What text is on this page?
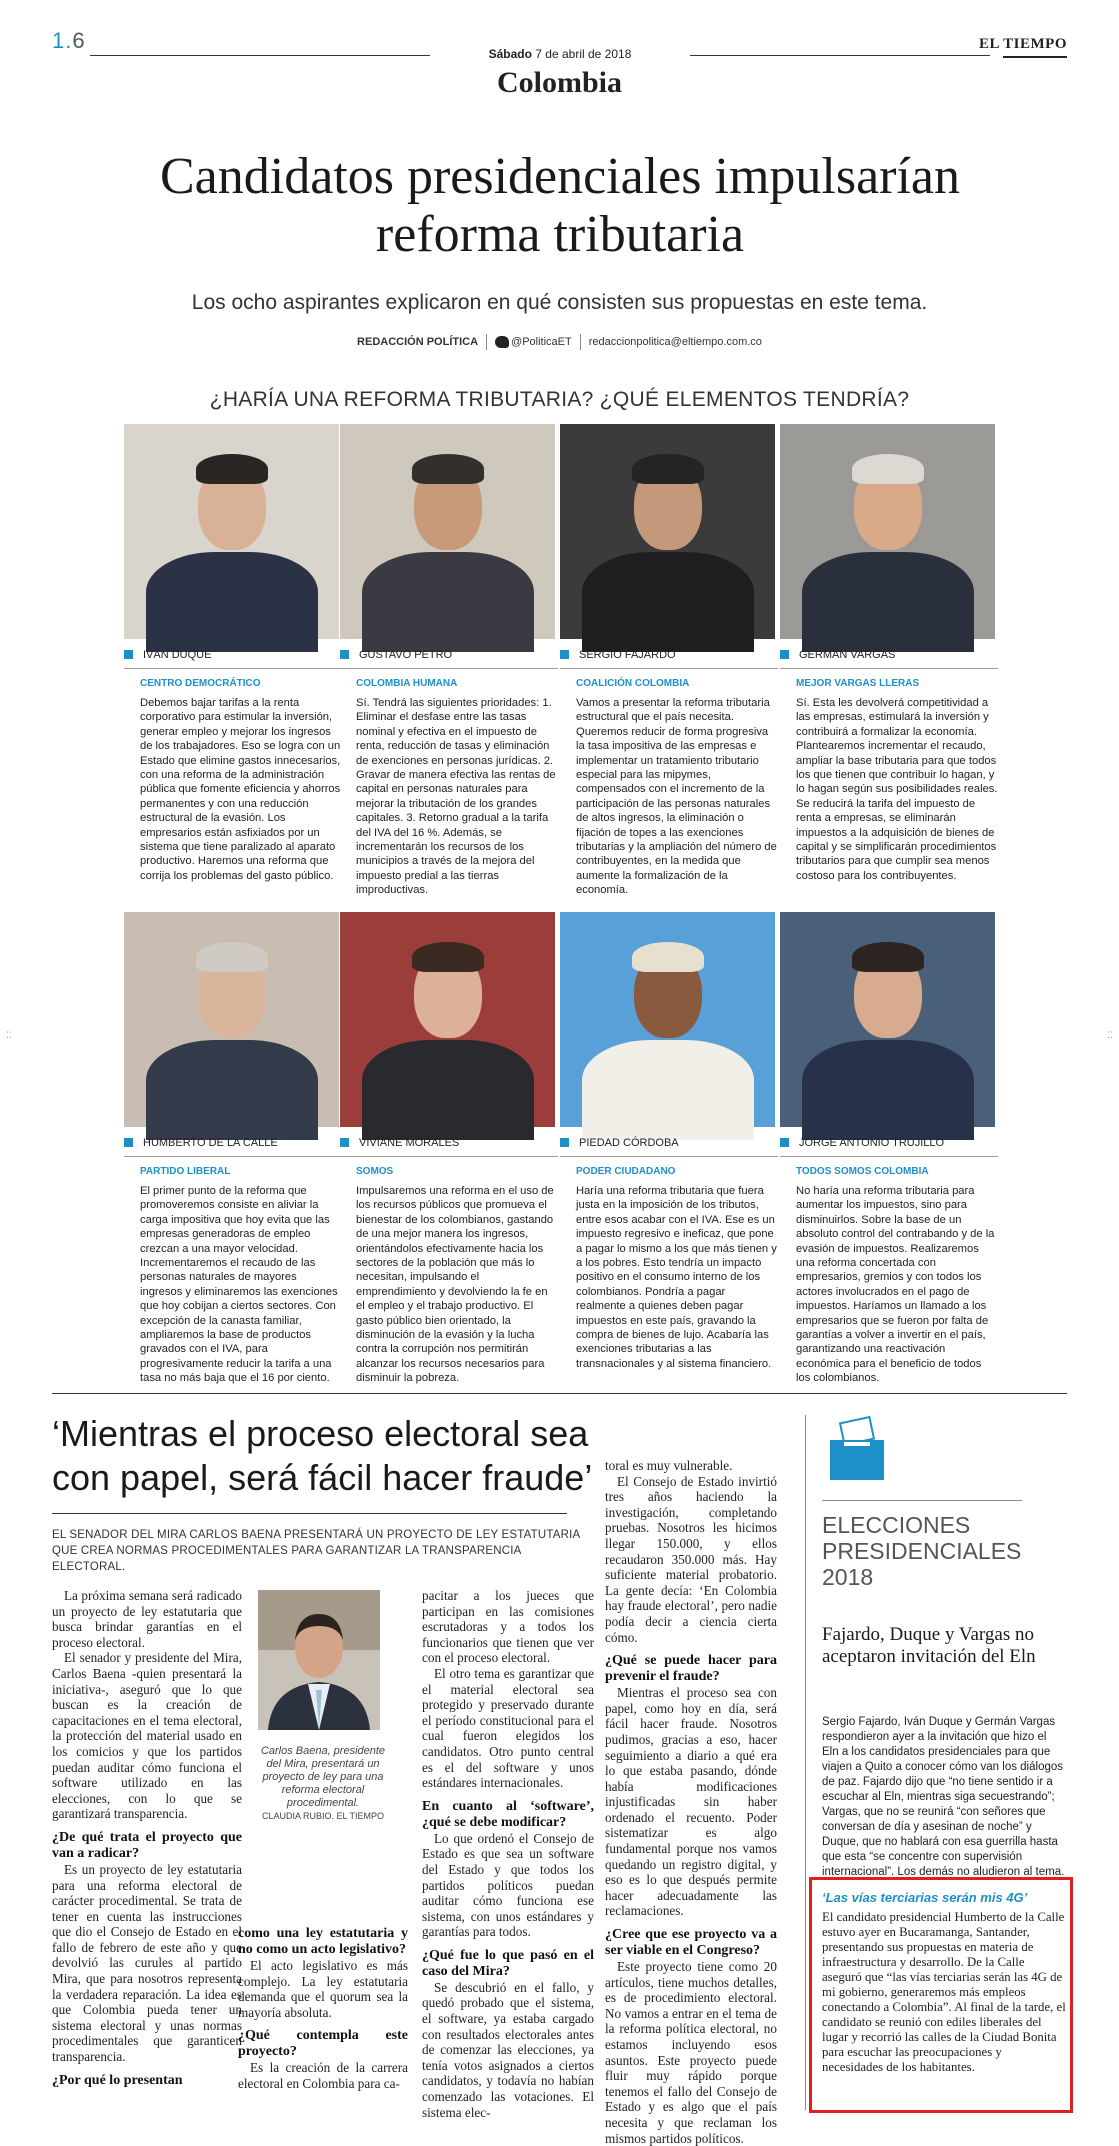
1.6
Sábado 7 de abril de 2018
EL TIEMPO
Colombia
Candidatos presidenciales impulsarían reforma tributaria
Los ocho aspirantes explicaron en qué consisten sus propuestas en este tema.
REDACCIÓN POLÍTICA	@PoliticaET redaccionpolitica@eltiempo.com.co
¿HARÍA UNA REFORMA TRIBUTARIA? ¿QUÉ ELEMENTOS TENDRÍA?
IVÁN DUQUE
CENTRO DEMOCRÁTICO
Debemos bajar tarifas a la renta corporativo para estimular la inversión, generar empleo y mejorar los ingresos de los trabajadores. Eso se logra con un Estado que elimine gastos innecesarios, con una reforma de la administración pública que fomente eficiencia y ahorros permanentes y con una reducción estructural de la evasión. Los empresarios están asfixiados por un sistema que tiene paralizado al aparato productivo. Haremos una reforma que corrija los problemas del gasto público.
GUSTAVO PETRO
COLOMBIA HUMANA
Sí. Tendrá las siguientes prioridades: 1. Eliminar el desfase entre las tasas nominal y efectiva en el impuesto de renta, reducción de tasas y eliminación de exenciones en personas jurídicas. 2. Gravar de manera efectiva las rentas de capital en personas naturales para mejorar la tributación de los grandes capitales. 3. Retorno gradual a la tarifa del IVA del 16 %. Además, se incrementarán los recursos de los municipios a través de la mejora del impuesto predial a las tierras improductivas.
SERGIO FAJARDO
COALICIÓN COLOMBIA
Vamos a presentar la reforma tributaria estructural que el país necesita. Queremos reducir de forma progresiva la tasa impositiva de las empresas e implementar un tratamiento tributario especial para las mipymes, compensados con el incremento de la participación de las personas naturales de altos ingresos, la eliminación o fijación de topes a las exenciones tributarias y la ampliación del número de contribuyentes, en la medida que aumente la formalización de la economía.
GERMÁN VARGAS
MEJOR VARGAS LLERAS
Sí. Esta les devolverá competitividad a las empresas, estimulará la inversión y contribuirá a formalizar la economía. Plantearemos incrementar el recaudo, ampliar la base tributaria para que todos los que tienen que contribuir lo hagan, y lo hagan según sus posibilidades reales. Se reducirá la tarifa del impuesto de renta a empresas, se eliminarán impuestos a la adquisición de bienes de capital y se simplificarán procedimientos tributarios para que cumplir sea menos costoso para los contribuyentes.
HUMBERTO DE LA CALLE
PARTIDO LIBERAL
El primer punto de la reforma que promoveremos consiste en aliviar la carga impositiva que hoy evita que las empresas generadoras de empleo crezcan a una mayor velocidad. Incrementaremos el recaudo de las personas naturales de mayores ingresos y eliminaremos las exenciones que hoy cobijan a ciertos sectores. Con excepción de la canasta familiar, ampliaremos la base de productos gravados con el IVA, para progresivamente reducir la tarifa a una tasa no más baja que el 16 por ciento.
VIVIANE MORALES
SOMOS
Impulsaremos una reforma en el uso de los recursos públicos que promueva el bienestar de los colombianos, gastando de una mejor manera los ingresos, orientándolos efectivamente hacia los sectores de la población que más lo necesitan, impulsando el emprendimiento y devolviendo la fe en el empleo y el trabajo productivo. El gasto público bien orientado, la disminución de la evasión y la lucha contra la corrupción nos permitirán alcanzar los recursos necesarios para disminuir la pobreza.
PIEDAD CÓRDOBA
PODER CIUDADANO
Haría una reforma tributaria que fuera justa en la imposición de los tributos, entre esos acabar con el IVA. Ese es un impuesto regresivo e ineficaz, que pone a pagar lo mismo a los que más tienen y a los pobres. Esto tendría un impacto positivo en el consumo interno de los colombianos. Pondría a pagar realmente a quienes deben pagar impuestos en este país, gravando la compra de bienes de lujo. Acabaría las exenciones tributarias a las transnacionales y al sistema financiero.
JORGE ANTONIO TRUJILLO
TODOS SOMOS COLOMBIA
No haría una reforma tributaria para aumentar los impuestos, sino para disminuirlos. Sobre la base de un absoluto control del contrabando y de la evasión de impuestos. Realizaremos una reforma concertada con empresarios, gremios y con todos los actores involucrados en el pago de impuestos. Haríamos un llamado a los empresarios que se fueron por falta de garantías a volver a invertir en el país, garantizando una reactivación económica para el beneficio de todos los colombianos.
‘Mientras el proceso electoral sea con papel, será fácil hacer fraude’
EL SENADOR DEL MIRA CARLOS BAENA PRESENTARÁ UN PROYECTO DE LEY ESTATUTARIA QUE CREA NORMAS PROCEDIMENTALES PARA GARANTIZAR LA TRANSPARENCIA ELECTORAL.

La próxima semana será radicado un proyecto de ley estatutaria que busca brindar garantías en el proceso electoral.

El senador y presidente del Mira, Carlos Baena -quien presentará la iniciativa-, aseguró que lo que buscan es la creación de capacitaciones en el tema electoral, la protección del material usado en los comicios y que los partidos puedan auditar cómo funciona el software utilizado en las elecciones, con lo que se garantizará transparencia.

¿De qué trata el proyecto que van a radicar?

Es un proyecto de ley estatutaria para una reforma electoral de carácter procedimental. Se trata de tener en cuenta las instrucciones que dio el Consejo de Estado en el fallo de febrero de este año y que devolvió las curules al partido Mira, que para nosotros representa la verdadera reparación. La idea es que Colombia pueda tener un sistema electoral y unas normas procedimentales que garanticen transparencia.

¿Por qué lo presentan
Carlos Baena, presidente del Mira, presentará un proyecto de ley para una reforma electoral procedimental.
CLAUDIA RUBIO. EL TIEMPO
como una ley estatutaria y no como un acto legislativo?

El acto legislativo es más complejo. La ley estatutaria demanda que el quorum sea la mayoría absoluta.

¿Qué contempla este proyecto?

Es la creación de la carrera electoral en Colombia para ca-

pacitar a los jueces que participan en las comisiones escrutadoras y a todos los funcionarios que tienen que ver con el proceso electoral.

El otro tema es garantizar que el material electoral sea protegido y preservado durante el período constitucional para el cual fueron elegidos los candidatos. Otro punto central es el del software y unos estándares internacionales.

En cuanto al ‘software’, ¿qué se debe modificar?

Lo que ordenó el Consejo de Estado es que sea un software del Estado y que todos los partidos políticos puedan auditar cómo funciona ese sistema, con unos estándares y garantías para todos.

¿Qué fue lo que pasó en el caso del Mira?

Se descubrió en el fallo, y quedó probado que el sistema, el software, ya estaba cargado con resultados electorales antes de comenzar las elecciones, ya tenía votos asignados a ciertos candidatos, y todavía no habían comenzado las votaciones. El sistema elec-

toral es muy vulnerable.

El Consejo de Estado invirtió tres años haciendo la investigación, completando pruebas. Nosotros les hicimos llegar 150.000, y ellos recaudaron 350.000 más. Hay suficiente material probatorio. La gente decía: ‘En Colombia hay fraude electoral’, pero nadie podía decir a ciencia cierta cómo.

¿Qué se puede hacer para prevenir el fraude?

Mientras el proceso sea con papel, como hoy en día, será fácil hacer fraude. Nosotros pudimos, gracias a eso, hacer seguimiento a diario a qué era lo que estaba pasando, dónde había modificaciones injustificadas sin haber ordenado el recuento. Poder sistematizar es algo fundamental porque nos vamos quedando un registro digital, y eso es lo que después permite hacer adecuadamente las reclamaciones.

¿Cree que ese proyecto va a ser viable en el Congreso?

Este proyecto tiene como 20 artículos, tiene muchos detalles, es de procedimiento electoral. No vamos a entrar en el tema de la reforma política electoral, no estamos incluyendo esos asuntos. Este proyecto puede fluir muy rápido porque tenemos el fallo del Consejo de Estado y es algo que el país necesita y que reclaman los mismos partidos políticos.

ELECCIONES PRESIDENCIALES 2018
Fajardo, Duque y Vargas no aceptaron invitación del Eln
Sergio Fajardo, Iván Duque y Germán Vargas respondieron ayer a la invitación que hizo el Eln a los candidatos presidenciales para que viajen a Quito a conocer cómo van los diálogos de paz. Fajardo dijo que “no tiene sentido ir a escuchar al Eln, mientras siga secuestrando”; Vargas, que no se reunirá “con señores que conversan de día y asesinan de noche” y Duque, que no hablará con esa guerrilla hasta que esta “se concentre con supervisión internacional”. Los demás no aludieron al tema.
‘Las vías terciarias serán mis 4G’
El candidato presidencial Humberto de la Calle estuvo ayer en Bucaramanga, Santander, presentando sus propuestas en materia de infraestructura y desarrollo. De la Calle aseguró que “las vías terciarias serán las 4G de mi gobierno, generaremos más empleos conectando a Colombia”. Al final de la tarde, el candidato se reunió con ediles liberales del lugar y recorrió las calles de la Ciudad Bonita para escuchar las preocupaciones y necesidades de los habitantes.
⁚⁚	⁚⁚
